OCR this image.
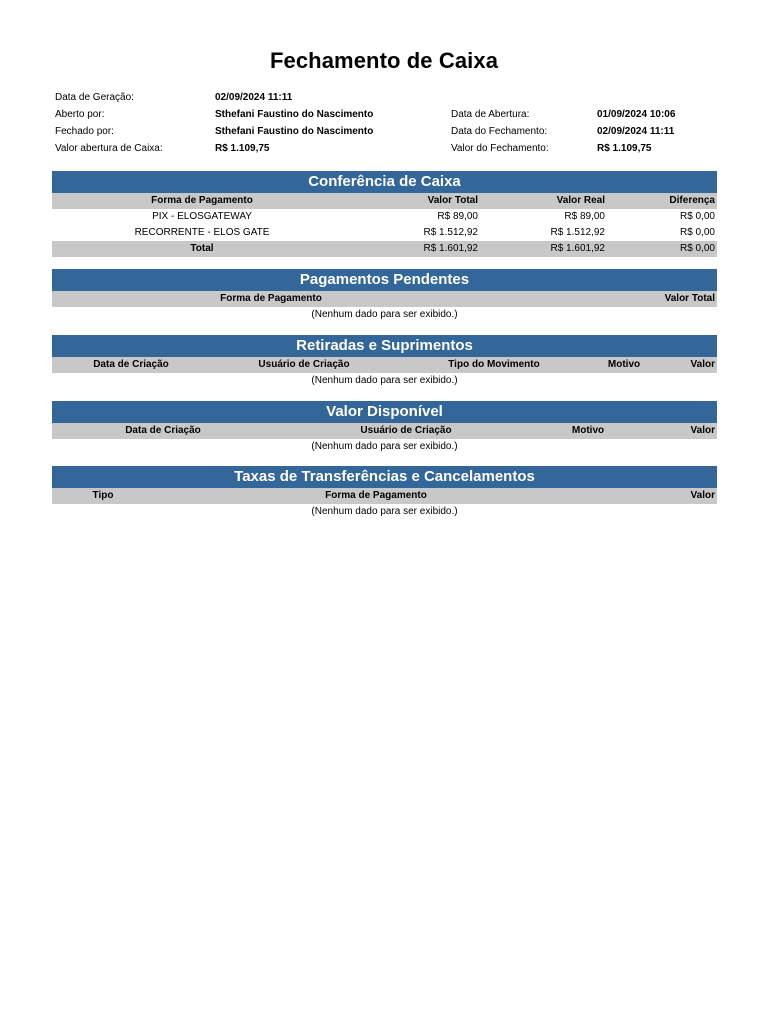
Fechamento de Caixa
Data de Geração:	02/09/2024 11:11
Aberto por:	Sthefani Faustino do Nascimento	Data de Abertura:	01/09/2024 10:06
Fechado por:	Sthefani Faustino do Nascimento	Data do Fechamento:	02/09/2024 11:11
Valor abertura de Caixa:	R$ 1.109,75	Valor do Fechamento:	R$ 1.109,75
Conferência de Caixa
Forma de Pagamento	Valor Total	Valor Real	Diferença
PIX - ELOSGATEWAY	R$ 89,00	R$ 89,00	R$ 0,00
RECORRENTE - ELOS GATE	R$ 1.512,92	R$ 1.512,92	R$ 0,00
Total	R$ 1.601,92	R$ 1.601,92	R$ 0,00
Pagamentos Pendentes
Forma de Pagamento	Valor Total
(Nenhum dado para ser exibido.)
Retiradas e Suprimentos
Data de Criação	Usuário de Criação	Tipo do Movimento	Motivo	Valor
(Nenhum dado para ser exibido.)
Valor Disponível
Data de Criação	Usuário de Criação	Motivo	Valor
(Nenhum dado para ser exibido.)
Taxas de Transferências e Cancelamentos
Tipo	Forma de Pagamento	Valor
(Nenhum dado para ser exibido.)
